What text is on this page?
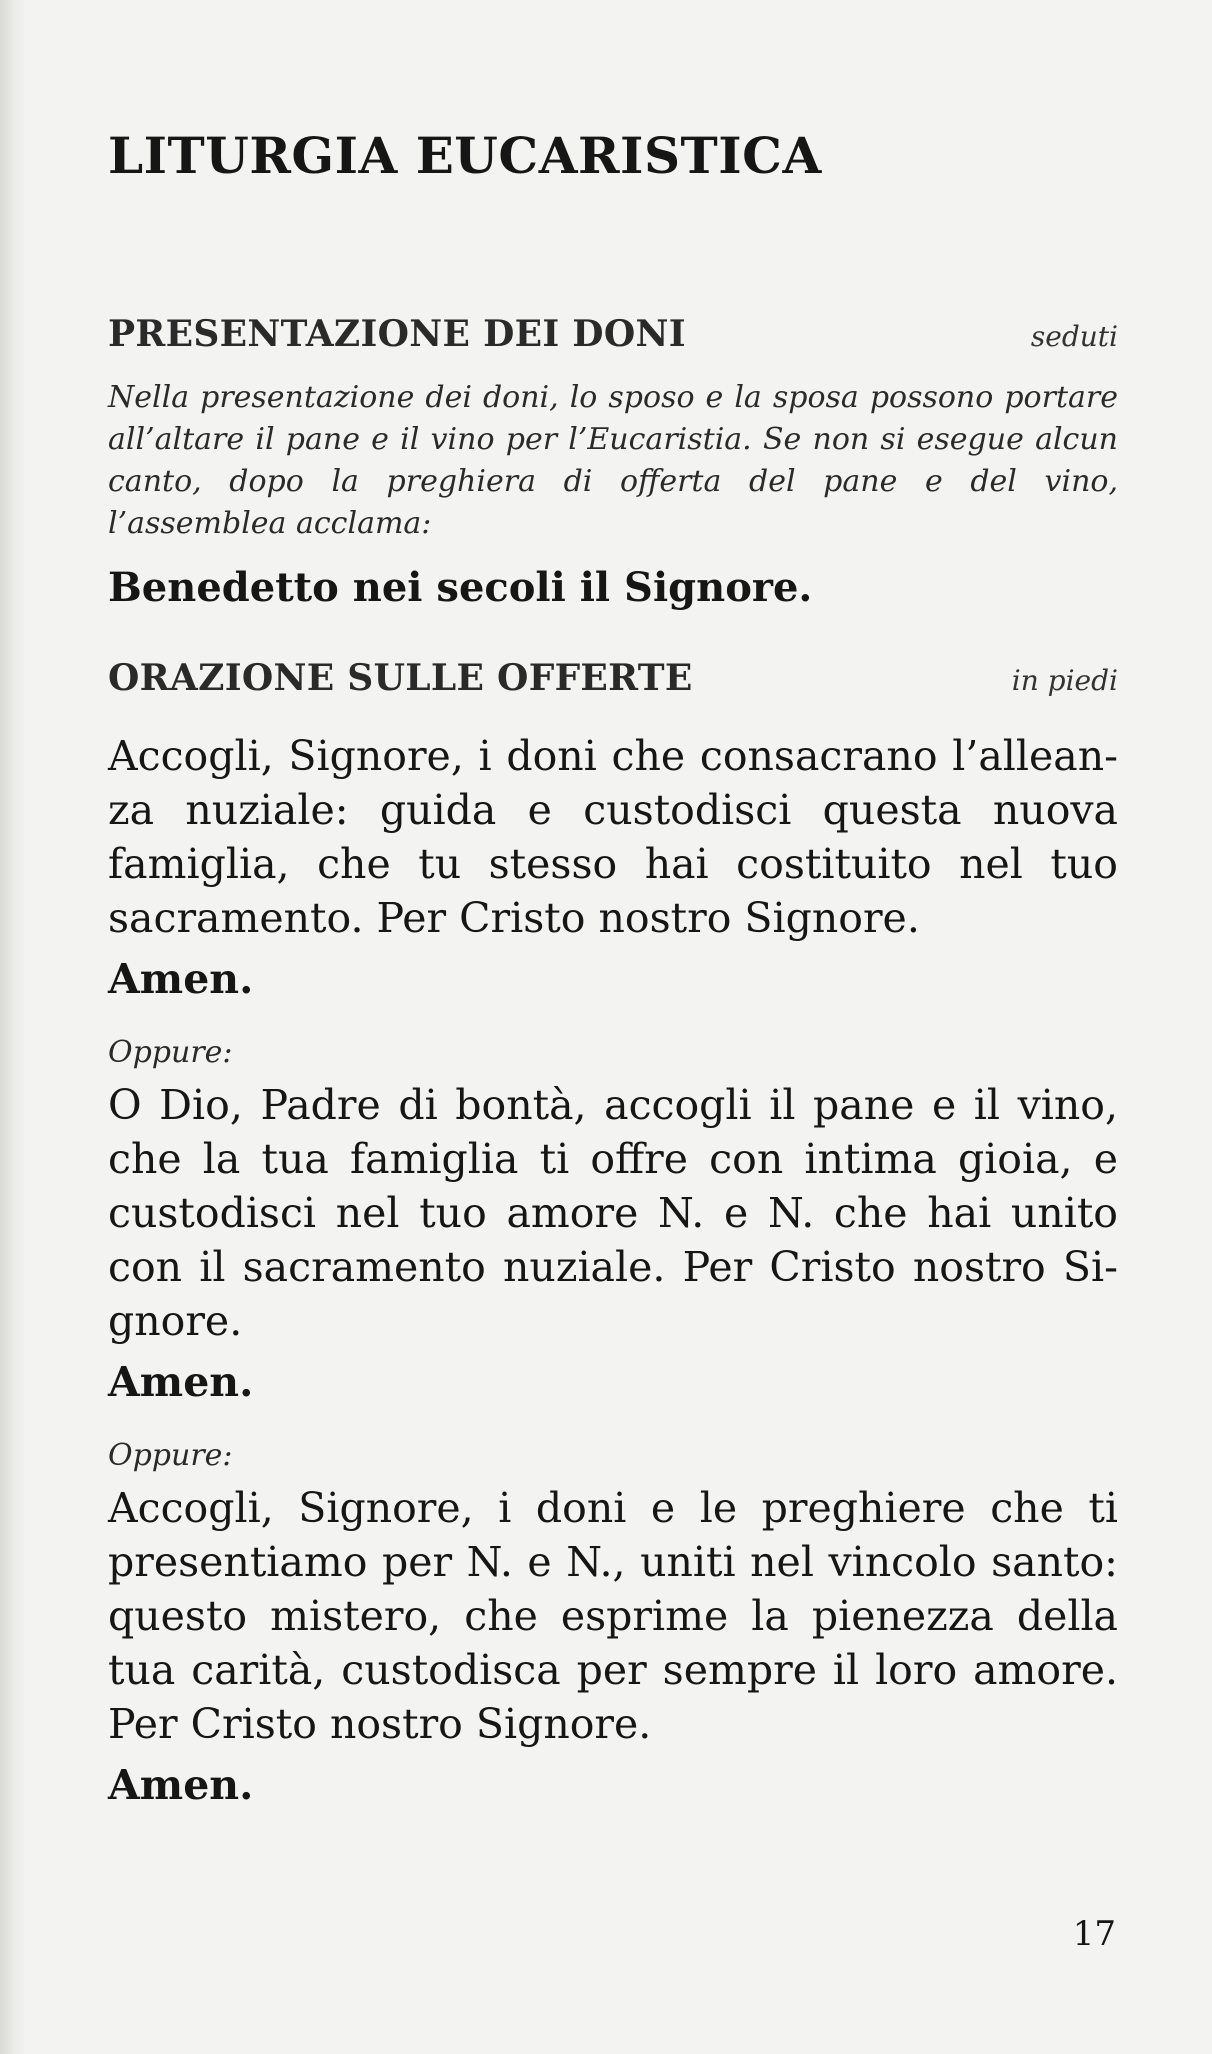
LITURGIA EUCARISTICA
PRESENTAZIONE DEI DONI	seduti

Nella presentazione dei doni, lo sposo e la sposa possono portare all’altare il pane e il vino per l’Eucaristia. Se non si esegue alcun canto, dopo la preghiera di offerta del pane e del vino, l’assemblea acclama:

Benedetto nei secoli il Signore.

ORAZIONE SULLE OFFERTE	in piedi

Accogli, Signore, i doni che consacrano l’alleanza nuziale: guida e custodisci questa nuova famiglia, che tu stesso hai costituito nel tuo sacramento. Per Cristo nostro Signore.

Amen.

Oppure:

O Dio, Padre di bontà, accogli il pane e il vino, che la tua famiglia ti offre con intima gioia, e custodisci nel tuo amore N. e N. che hai unito con il sacramento nuziale. Per Cristo nostro Signore.

Amen.

Oppure:

Accogli, Signore, i doni e le preghiere che ti presentiamo per N. e N., uniti nel vincolo santo: questo mistero, che esprime la pienezza della tua carità, custodisca per sempre il loro amore. Per Cristo nostro Signore.

Amen.

17
